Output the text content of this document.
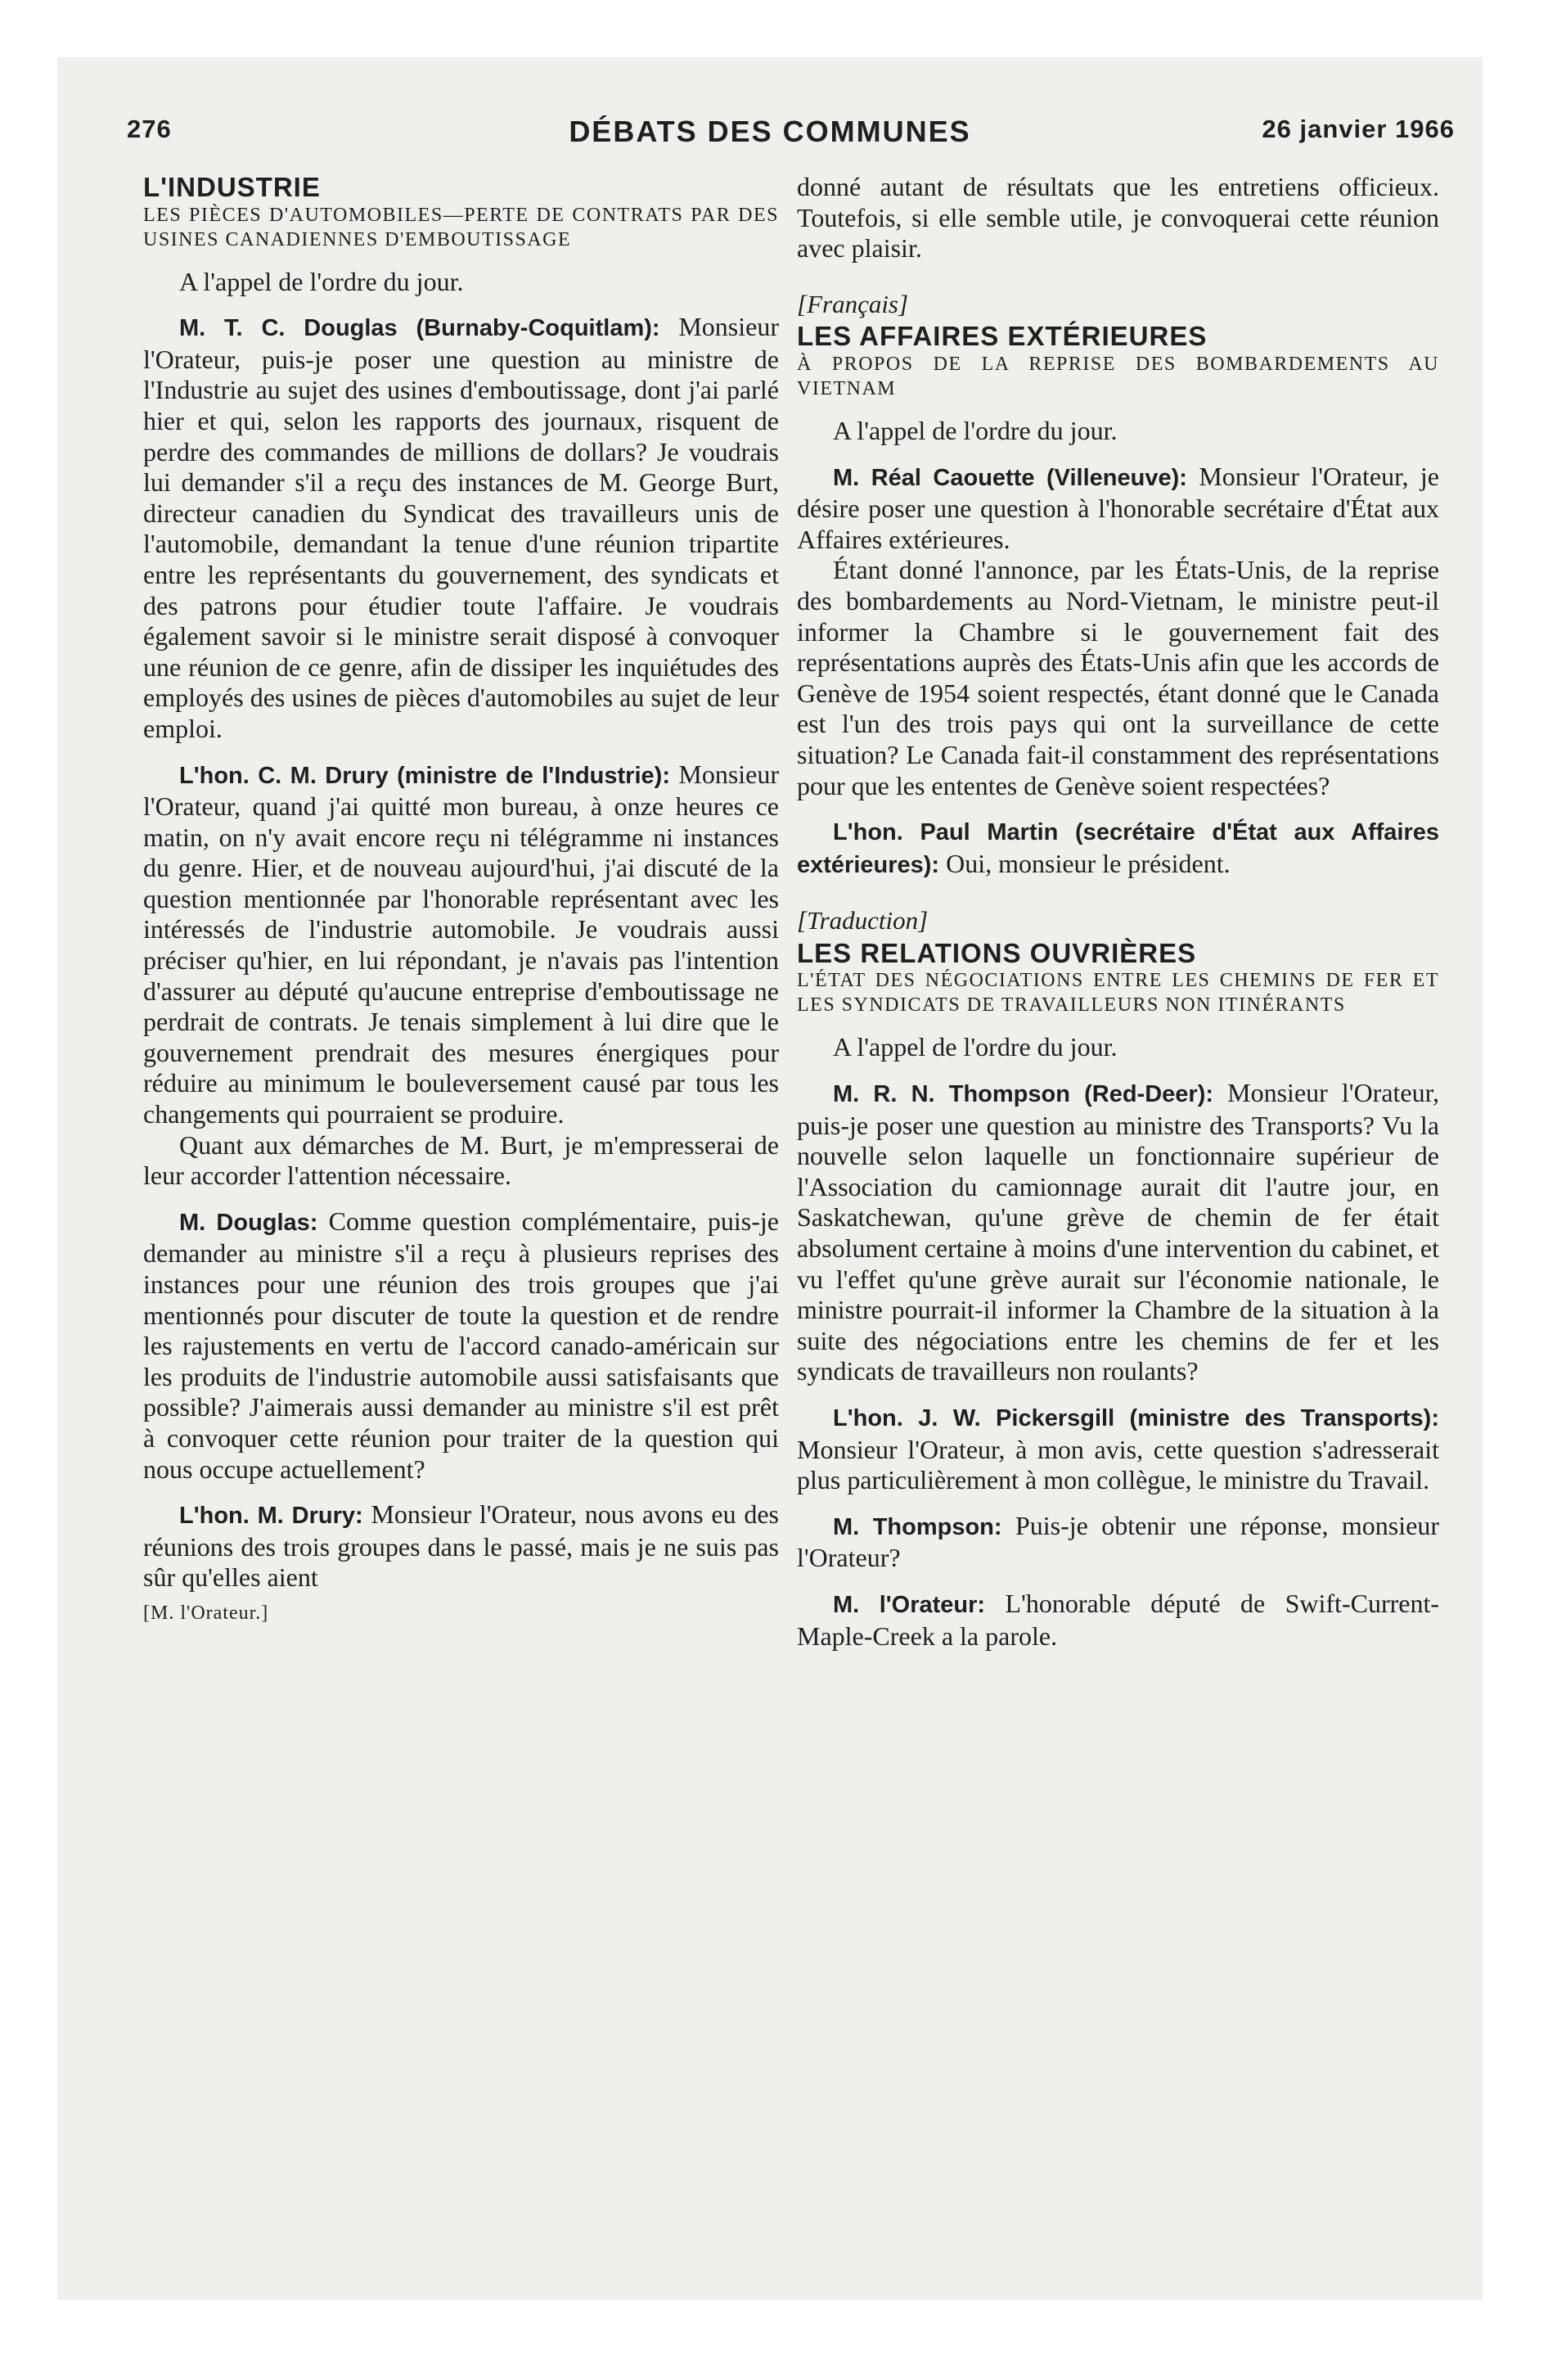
276	DÉBATS DES COMMUNES	26 janvier 1966

L'INDUSTRIE

LES PIÈCES D'AUTOMOBILES—PERTE DE CONTRATS PAR DES USINES CANADIENNES D'EMBOUTISSAGE

A l'appel de l'ordre du jour.

M. T. C. Douglas (Burnaby-Coquitlam): Monsieur l'Orateur, puis-je poser une question au ministre de l'Industrie au sujet des usines d'emboutissage, dont j'ai parlé hier et qui, selon les rapports des journaux, risquent de perdre des commandes de millions de dollars? Je voudrais lui demander s'il a reçu des instances de M. George Burt, directeur canadien du Syndicat des travailleurs unis de l'automobile, demandant la tenue d'une réunion tripartite entre les représentants du gouvernement, des syndicats et des patrons pour étudier toute l'affaire. Je voudrais également savoir si le ministre serait disposé à convoquer une réunion de ce genre, afin de dissiper les inquiétudes des employés des usines de pièces d'automobiles au sujet de leur emploi.

L'hon. C. M. Drury (ministre de l'Industrie): Monsieur l'Orateur, quand j'ai quitté mon bureau, à onze heures ce matin, on n'y avait encore reçu ni télégramme ni instances du genre. Hier, et de nouveau aujourd'hui, j'ai discuté de la question mentionnée par l'honorable représentant avec les intéressés de l'industrie automobile. Je voudrais aussi préciser qu'hier, en lui répondant, je n'avais pas l'intention d'assurer au député qu'aucune entreprise d'emboutissage ne perdrait de contrats. Je tenais simplement à lui dire que le gouvernement prendrait des mesures énergiques pour réduire au minimum le bouleversement causé par tous les changements qui pourraient se produire.

Quant aux démarches de M. Burt, je m'empresserai de leur accorder l'attention nécessaire.

M. Douglas: Comme question complémentaire, puis-je demander au ministre s'il a reçu à plusieurs reprises des instances pour une réunion des trois groupes que j'ai mentionnés pour discuter de toute la question et de rendre les rajustements en vertu de l'accord canado-américain sur les produits de l'industrie automobile aussi satisfaisants que possible? J'aimerais aussi demander au ministre s'il est prêt à convoquer cette réunion pour traiter de la question qui nous occupe actuellement?

L'hon. M. Drury: Monsieur l'Orateur, nous avons eu des réunions des trois groupes dans le passé, mais je ne suis pas sûr qu'elles aient

[M. l'Orateur.]

donné autant de résultats que les entretiens officieux. Toutefois, si elle semble utile, je convoquerai cette réunion avec plaisir.

[Français]

LES AFFAIRES EXTÉRIEURES

À PROPOS DE LA REPRISE DES BOMBARDEMENTS AU VIETNAM

A l'appel de l'ordre du jour.

M. Réal Caouette (Villeneuve): Monsieur l'Orateur, je désire poser une question à l'honorable secrétaire d'État aux Affaires extérieures.

Étant donné l'annonce, par les États-Unis, de la reprise des bombardements au Nord-Vietnam, le ministre peut-il informer la Chambre si le gouvernement fait des représentations auprès des États-Unis afin que les accords de Genève de 1954 soient respectés, étant donné que le Canada est l'un des trois pays qui ont la surveillance de cette situation? Le Canada fait-il constamment des représentations pour que les ententes de Genève soient respectées?

L'hon. Paul Martin (secrétaire d'État aux Affaires extérieures): Oui, monsieur le président.

[Traduction]

LES RELATIONS OUVRIÈRES

L'ÉTAT DES NÉGOCIATIONS ENTRE LES CHEMINS DE FER ET LES SYNDICATS DE TRAVAILLEURS NON ITINÉRANTS

A l'appel de l'ordre du jour.

M. R. N. Thompson (Red-Deer): Monsieur l'Orateur, puis-je poser une question au ministre des Transports? Vu la nouvelle selon laquelle un fonctionnaire supérieur de l'Association du camionnage aurait dit l'autre jour, en Saskatchewan, qu'une grève de chemin de fer était absolument certaine à moins d'une intervention du cabinet, et vu l'effet qu'une grève aurait sur l'économie nationale, le ministre pourrait-il informer la Chambre de la situation à la suite des négociations entre les chemins de fer et les syndicats de travailleurs non roulants?

L'hon. J. W. Pickersgill (ministre des Transports): Monsieur l'Orateur, à mon avis, cette question s'adresserait plus particulièrement à mon collègue, le ministre du Travail.

M. Thompson: Puis-je obtenir une réponse, monsieur l'Orateur?

M. l'Orateur: L'honorable député de Swift-Current-Maple-Creek a la parole.
